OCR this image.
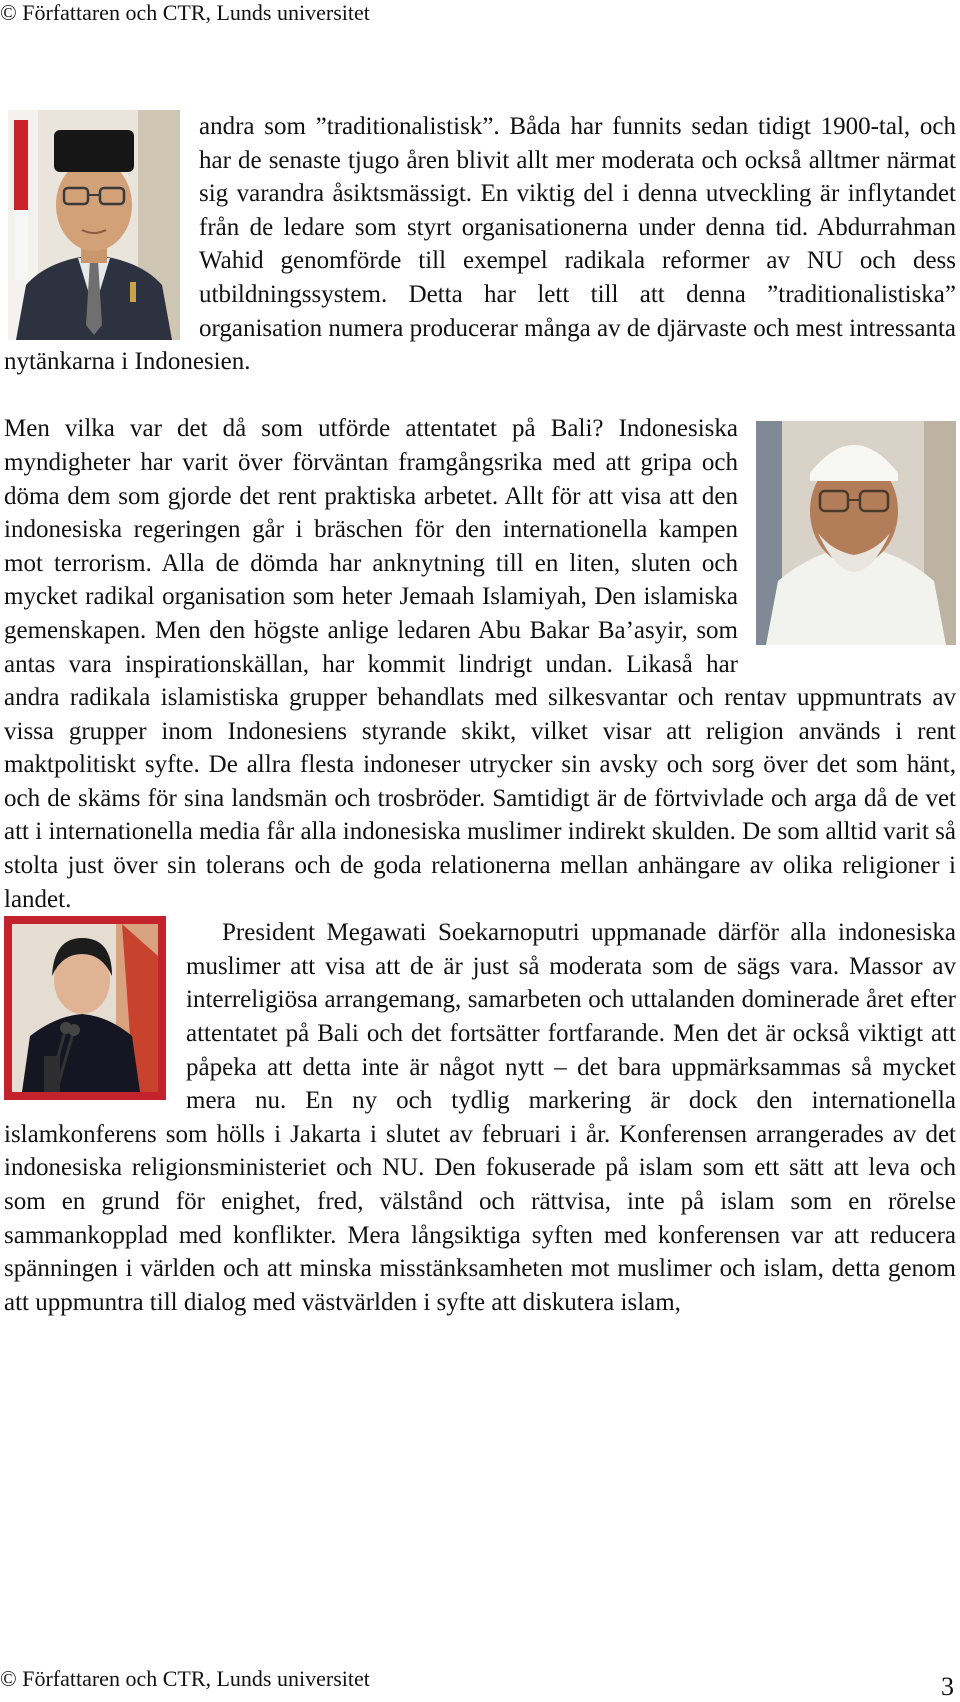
© Författaren och CTR, Lunds universitet

andra som ”traditionalistisk”. Båda har funnits sedan tidigt 1900-tal, och har de senaste tjugo åren blivit allt mer moderata och också alltmer närmat sig varandra åsiktsmässigt. En viktig del i denna utveckling är inflytandet från de ledare som styrt organisationerna under denna tid. Abdurrahman Wahid genomförde till exempel radikala reformer av NU och dess utbildningssystem. Detta har lett till att denna ”traditionalistiska” organisation numera producerar många av de djärvaste och mest intressanta nytänkarna i Indonesien.

Men vilka var det då som utförde attentatet på Bali? Indonesiska myndigheter har varit över förväntan framgångsrika med att gripa och döma dem som gjorde det rent praktiska arbetet. Allt för att visa att den indonesiska regeringen går i bräschen för den internationella kampen mot terrorism. Alla de dömda har anknytning till en liten, sluten och mycket radikal organisation som heter Jemaah Islamiyah, Den islamiska gemenskapen. Men den högste anlige ledaren Abu Bakar Ba’asyir, som antas vara inspirationskällan, har kommit lindrigt undan. Likaså har andra radikala islamistiska grupper behandlats med silkesvantar och rentav uppmuntrats av vissa grupper inom Indonesiens styrande skikt, vilket visar att religion används i rent maktpolitiskt syfte. De allra flesta indoneser utrycker sin avsky och sorg över det som hänt, och de skäms för sina landsmän och trosbröder. Samtidigt är de förtvivlade och arga då de vet att i internationella media får alla indonesiska muslimer indirekt skulden. De som alltid varit så stolta just över sin tolerans och de goda relationerna mellan anhängare av olika religioner i landet.

President Megawati Soekarnoputri uppmanade därför alla indonesiska muslimer att visa att de är just så moderata som de sägs vara. Massor av interreligiösa arrangemang, samarbeten och uttalanden dominerade året efter attentatet på Bali och det fortsätter fortfarande. Men det är också viktigt att påpeka att detta inte är något nytt – det bara uppmärksammas så mycket mera nu. En ny och tydlig markering är dock den internationella islamkonferens som hölls i Jakarta i slutet av februari i år. Konferensen arrangerades av det indonesiska religionsministeriet och NU. Den fokuserade på islam som ett sätt att leva och som en grund för enighet, fred, välstånd och rättvisa, inte på islam som en rörelse sammankopplad med konflikter. Mera långsiktiga syften med konferensen var att reducera spänningen i världen och att minska misstänksamheten mot muslimer och islam, detta genom att uppmuntra till dialog med västvärlden i syfte att diskutera islam,

© Författaren och CTR, Lunds universitet	3
